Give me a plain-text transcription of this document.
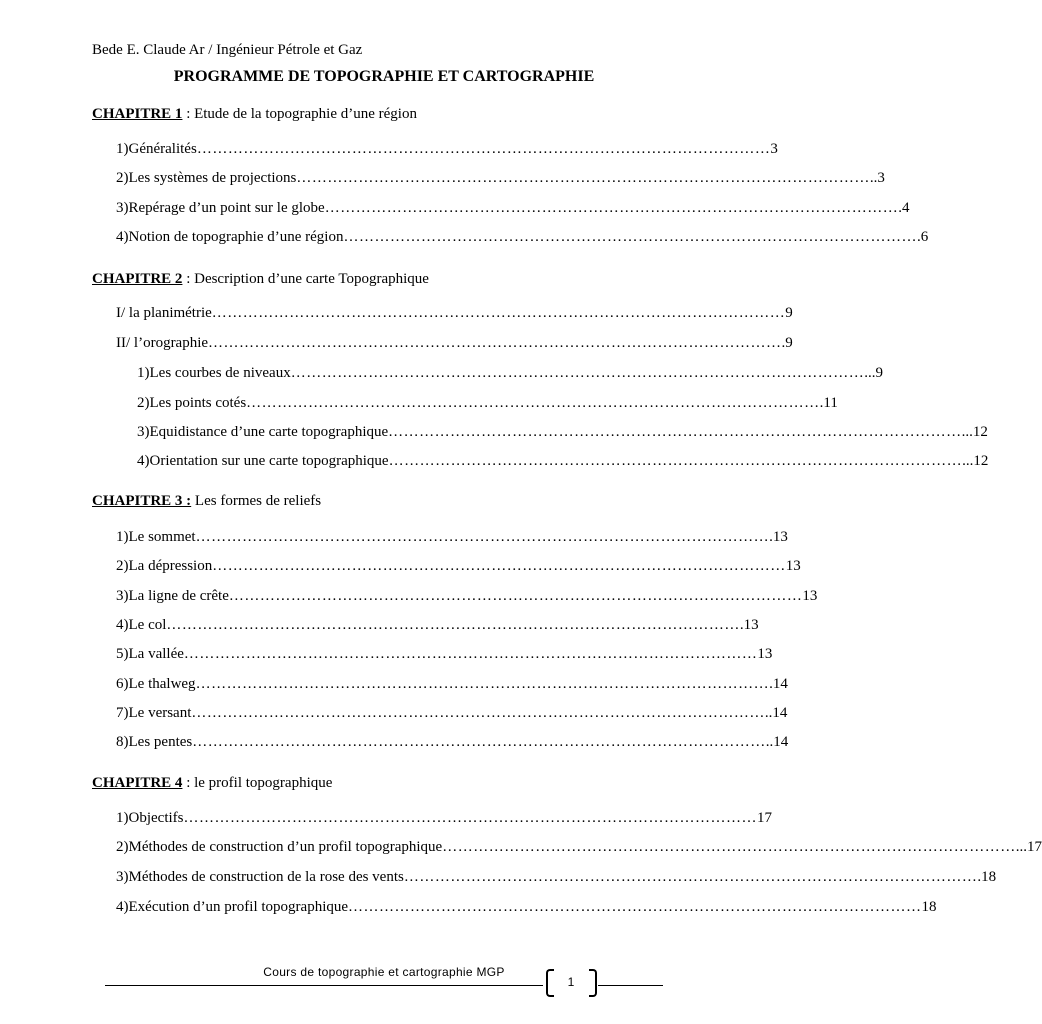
Bede E. Claude Ar / Ingénieur Pétrole et Gaz
PROGRAMME DE TOPOGRAPHIE ET CARTOGRAPHIE
CHAPITRE 1 : Etude de la topographie d’une région
1) Généralités ………………………………………………………………………………………………… 3
2) Les systèmes de projections ………………………………………………………………………………………………… ..3
3) Repérage d’un point sur le globe ………………………………………………………………………………………………… .4
4) Notion de topographie d’une région ………………………………………………………………………………………………… .6
CHAPITRE 2 : Description d’une carte Topographique
I/ la planimétrie ………………………………………………………………………………………………… 9
II/ l’orographie ………………………………………………………………………………………………… .9
1) Les courbes de niveaux ………………………………………………………………………………………………… ...9
2) Les points cotés ………………………………………………………………………………………………… .11
3) Equidistance d’une carte topographique ………………………………………………………………………………………………… ...12
4) Orientation sur une carte topographique ………………………………………………………………………………………………… ...12
CHAPITRE 3 : Les formes de reliefs
1) Le sommet ………………………………………………………………………………………………… .13
2) La dépression ………………………………………………………………………………………………… 13
3) La ligne de crête ………………………………………………………………………………………………… 13
4) Le col ………………………………………………………………………………………………… .13
5) La vallée ………………………………………………………………………………………………… 13
6) Le thalweg ………………………………………………………………………………………………… .14
7) Le versant ………………………………………………………………………………………………… ..14
8) Les pentes ………………………………………………………………………………………………… ..14
CHAPITRE 4 : le profil topographique
1) Objectifs ………………………………………………………………………………………………… 17
2) Méthodes de construction d’un profil topographique ………………………………………………………………………………………………… ...17
3) Méthodes de construction de la rose des vents ………………………………………………………………………………………………… .18
4) Exécution d’un profil topographique ………………………………………………………………………………………………… 18
Cours de topographie et cartographie MGP
1
